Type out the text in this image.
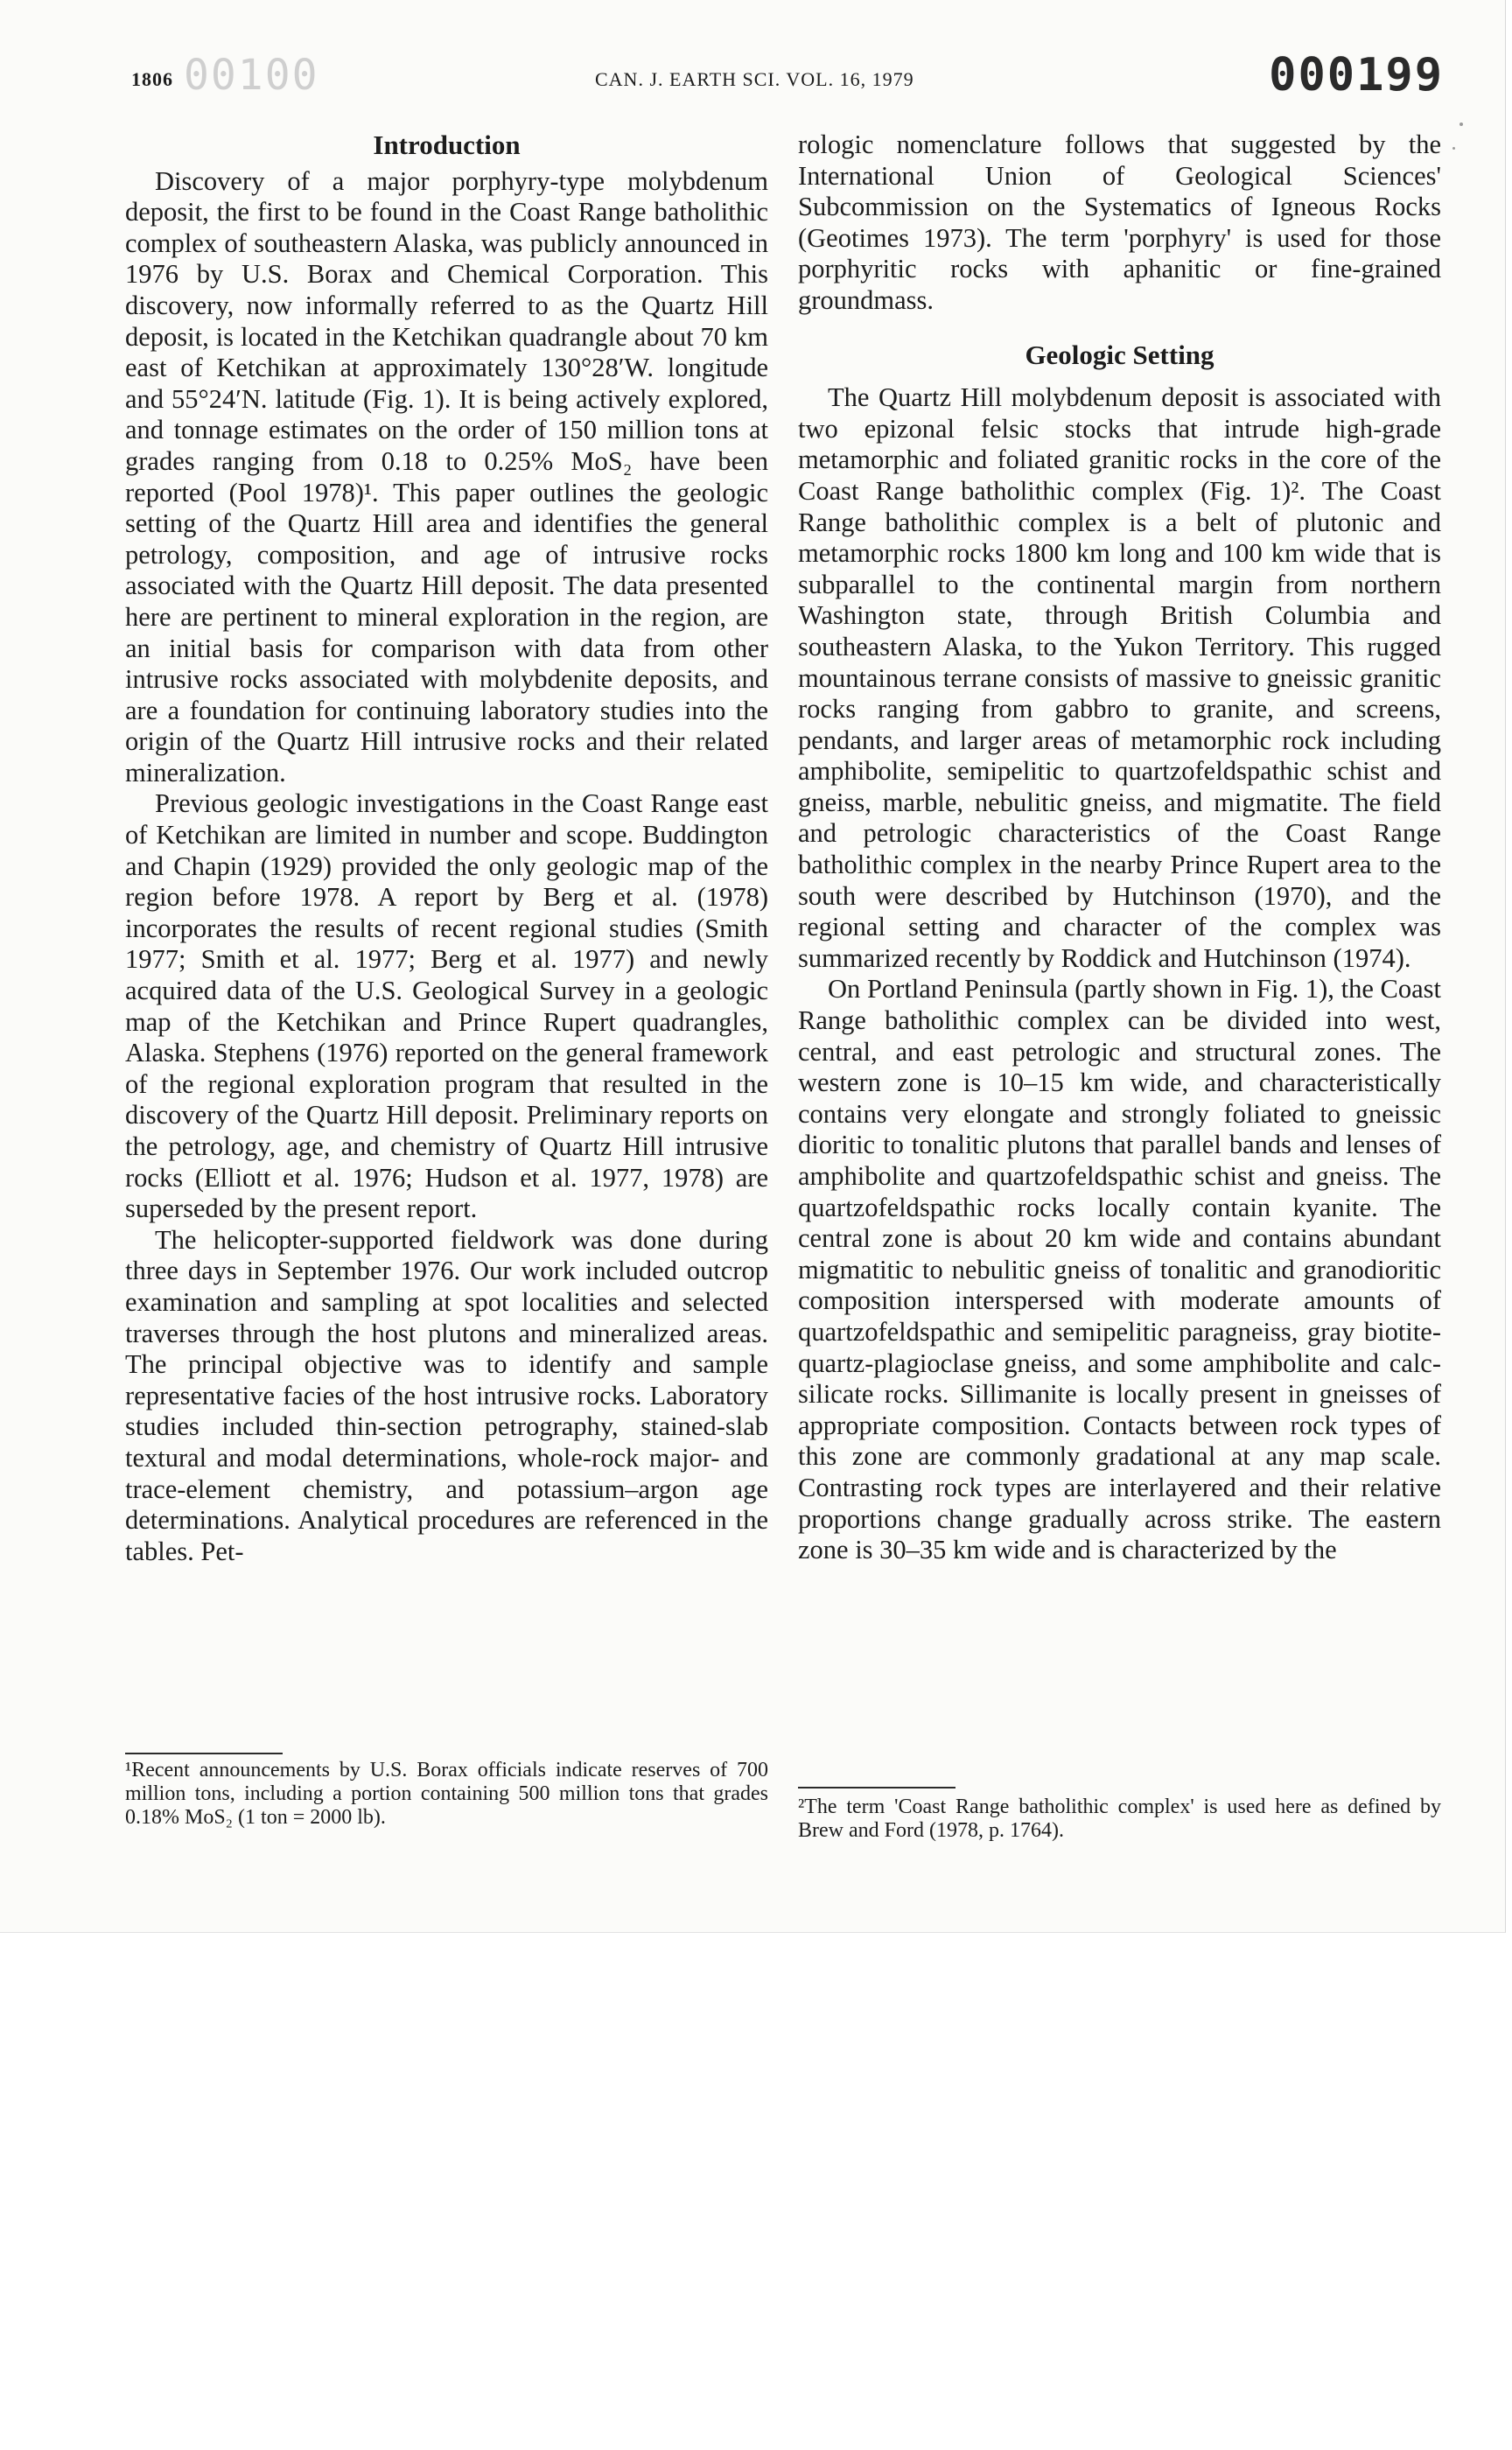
00100
1806	CAN. J. EARTH SCI. VOL. 16, 1979	000199
Introduction

Discovery of a major porphyry-type molybdenum deposit, the first to be found in the Coast Range batholithic complex of southeastern Alaska, was publicly announced in 1976 by U.S. Borax and Chemical Corporation. This discovery, now informally referred to as the Quartz Hill deposit, is located in the Ketchikan quadrangle about 70 km east of Ketchikan at approximately 130°28′W. longitude and 55°24′N. latitude (Fig. 1). It is being actively explored, and tonnage estimates on the order of 150 million tons at grades ranging from 0.18 to 0.25% MoS₂ have been reported (Pool 1978)¹. This paper outlines the geologic setting of the Quartz Hill area and identifies the general petrology, composition, and age of intrusive rocks associated with the Quartz Hill deposit. The data presented here are pertinent to mineral exploration in the region, are an initial basis for comparison with data from other intrusive rocks associated with molybdenite deposits, and are a foundation for continuing laboratory studies into the origin of the Quartz Hill intrusive rocks and their related mineralization.

Previous geologic investigations in the Coast Range east of Ketchikan are limited in number and scope. Buddington and Chapin (1929) provided the only geologic map of the region before 1978. A report by Berg et al. (1978) incorporates the results of recent regional studies (Smith 1977; Smith et al. 1977; Berg et al. 1977) and newly acquired data of the U.S. Geological Survey in a geologic map of the Ketchikan and Prince Rupert quadrangles, Alaska. Stephens (1976) reported on the general framework of the regional exploration program that resulted in the discovery of the Quartz Hill deposit. Preliminary reports on the petrology, age, and chemistry of Quartz Hill intrusive rocks (Elliott et al. 1976; Hudson et al. 1977, 1978) are superseded by the present report.

The helicopter-supported fieldwork was done during three days in September 1976. Our work included outcrop examination and sampling at spot localities and selected traverses through the host plutons and mineralized areas. The principal objective was to identify and sample representative facies of the host intrusive rocks. Laboratory studies included thin-section petrography, stained-slab textural and modal determinations, whole-rock major- and trace-element chemistry, and potassium–argon age determinations. Analytical procedures are referenced in the tables. Pet-

¹Recent announcements by U.S. Borax officials indicate reserves of 700 million tons, including a portion containing 500 million tons that grades 0.18% MoS₂ (1 ton = 2000 lb).

rologic nomenclature follows that suggested by the International Union of Geological Sciences' Subcommission on the Systematics of Igneous Rocks (Geotimes 1973). The term 'porphyry' is used for those porphyritic rocks with aphanitic or fine-grained groundmass.

Geologic Setting

The Quartz Hill molybdenum deposit is associated with two epizonal felsic stocks that intrude high-grade metamorphic and foliated granitic rocks in the core of the Coast Range batholithic complex (Fig. 1)². The Coast Range batholithic complex is a belt of plutonic and metamorphic rocks 1800 km long and 100 km wide that is subparallel to the continental margin from northern Washington state, through British Columbia and southeastern Alaska, to the Yukon Territory. This rugged mountainous terrane consists of massive to gneissic granitic rocks ranging from gabbro to granite, and screens, pendants, and larger areas of metamorphic rock including amphibolite, semipelitic to quartzofeldspathic schist and gneiss, marble, nebulitic gneiss, and migmatite. The field and petrologic characteristics of the Coast Range batholithic complex in the nearby Prince Rupert area to the south were described by Hutchinson (1970), and the regional setting and character of the complex was summarized recently by Roddick and Hutchinson (1974).

On Portland Peninsula (partly shown in Fig. 1), the Coast Range batholithic complex can be divided into west, central, and east petrologic and structural zones. The western zone is 10–15 km wide, and characteristically contains very elongate and strongly foliated to gneissic dioritic to tonalitic plutons that parallel bands and lenses of amphibolite and quartzofeldspathic schist and gneiss. The quartzofeldspathic rocks locally contain kyanite. The central zone is about 20 km wide and contains abundant migmatitic to nebulitic gneiss of tonalitic and granodioritic composition interspersed with moderate amounts of quartzofeldspathic and semipelitic paragneiss, gray biotite-quartz-plagioclase gneiss, and some amphibolite and calc-silicate rocks. Sillimanite is locally present in gneisses of appropriate composition. Contacts between rock types of this zone are commonly gradational at any map scale. Contrasting rock types are interlayered and their relative proportions change gradually across strike. The eastern zone is 30–35 km wide and is characterized by the

²The term 'Coast Range batholithic complex' is used here as defined by Brew and Ford (1978, p. 1764).
